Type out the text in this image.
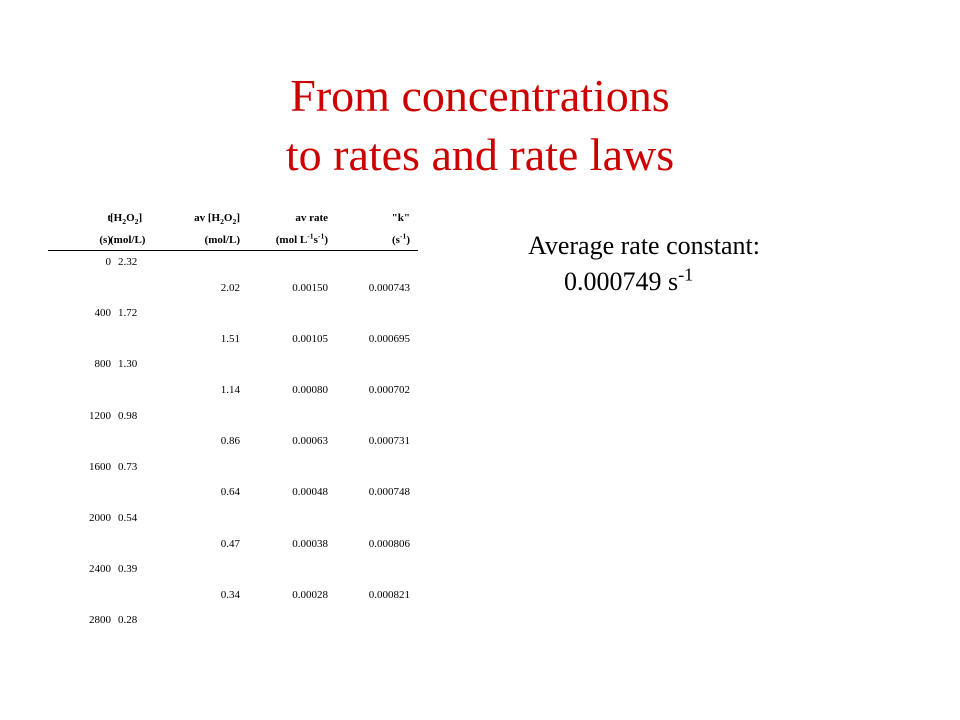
From concentrations
to rates and rate laws
t $[H_2O_2]$	av $[H_2O_2]$	av rate	"k"
(s) (mol/L)	(mol/L)	(mol $L^{-1}s^{-1}$)	$(s^{-1})$
0 2.32
2.02	0.00150	0.000743
400 1.72
1.51	0.00105	0.000695
800 1.30
1.14	0.00080	0.000702
1200 0.98
0.86	0.00063	0.000731
1600 0.73
0.64	0.00048	0.000748
2000 0.54
0.47	0.00038	0.000806
2400 0.39
0.34	0.00028	0.000821
2800 0.28
Average rate constant:
0.000749 $s^{-1}$
